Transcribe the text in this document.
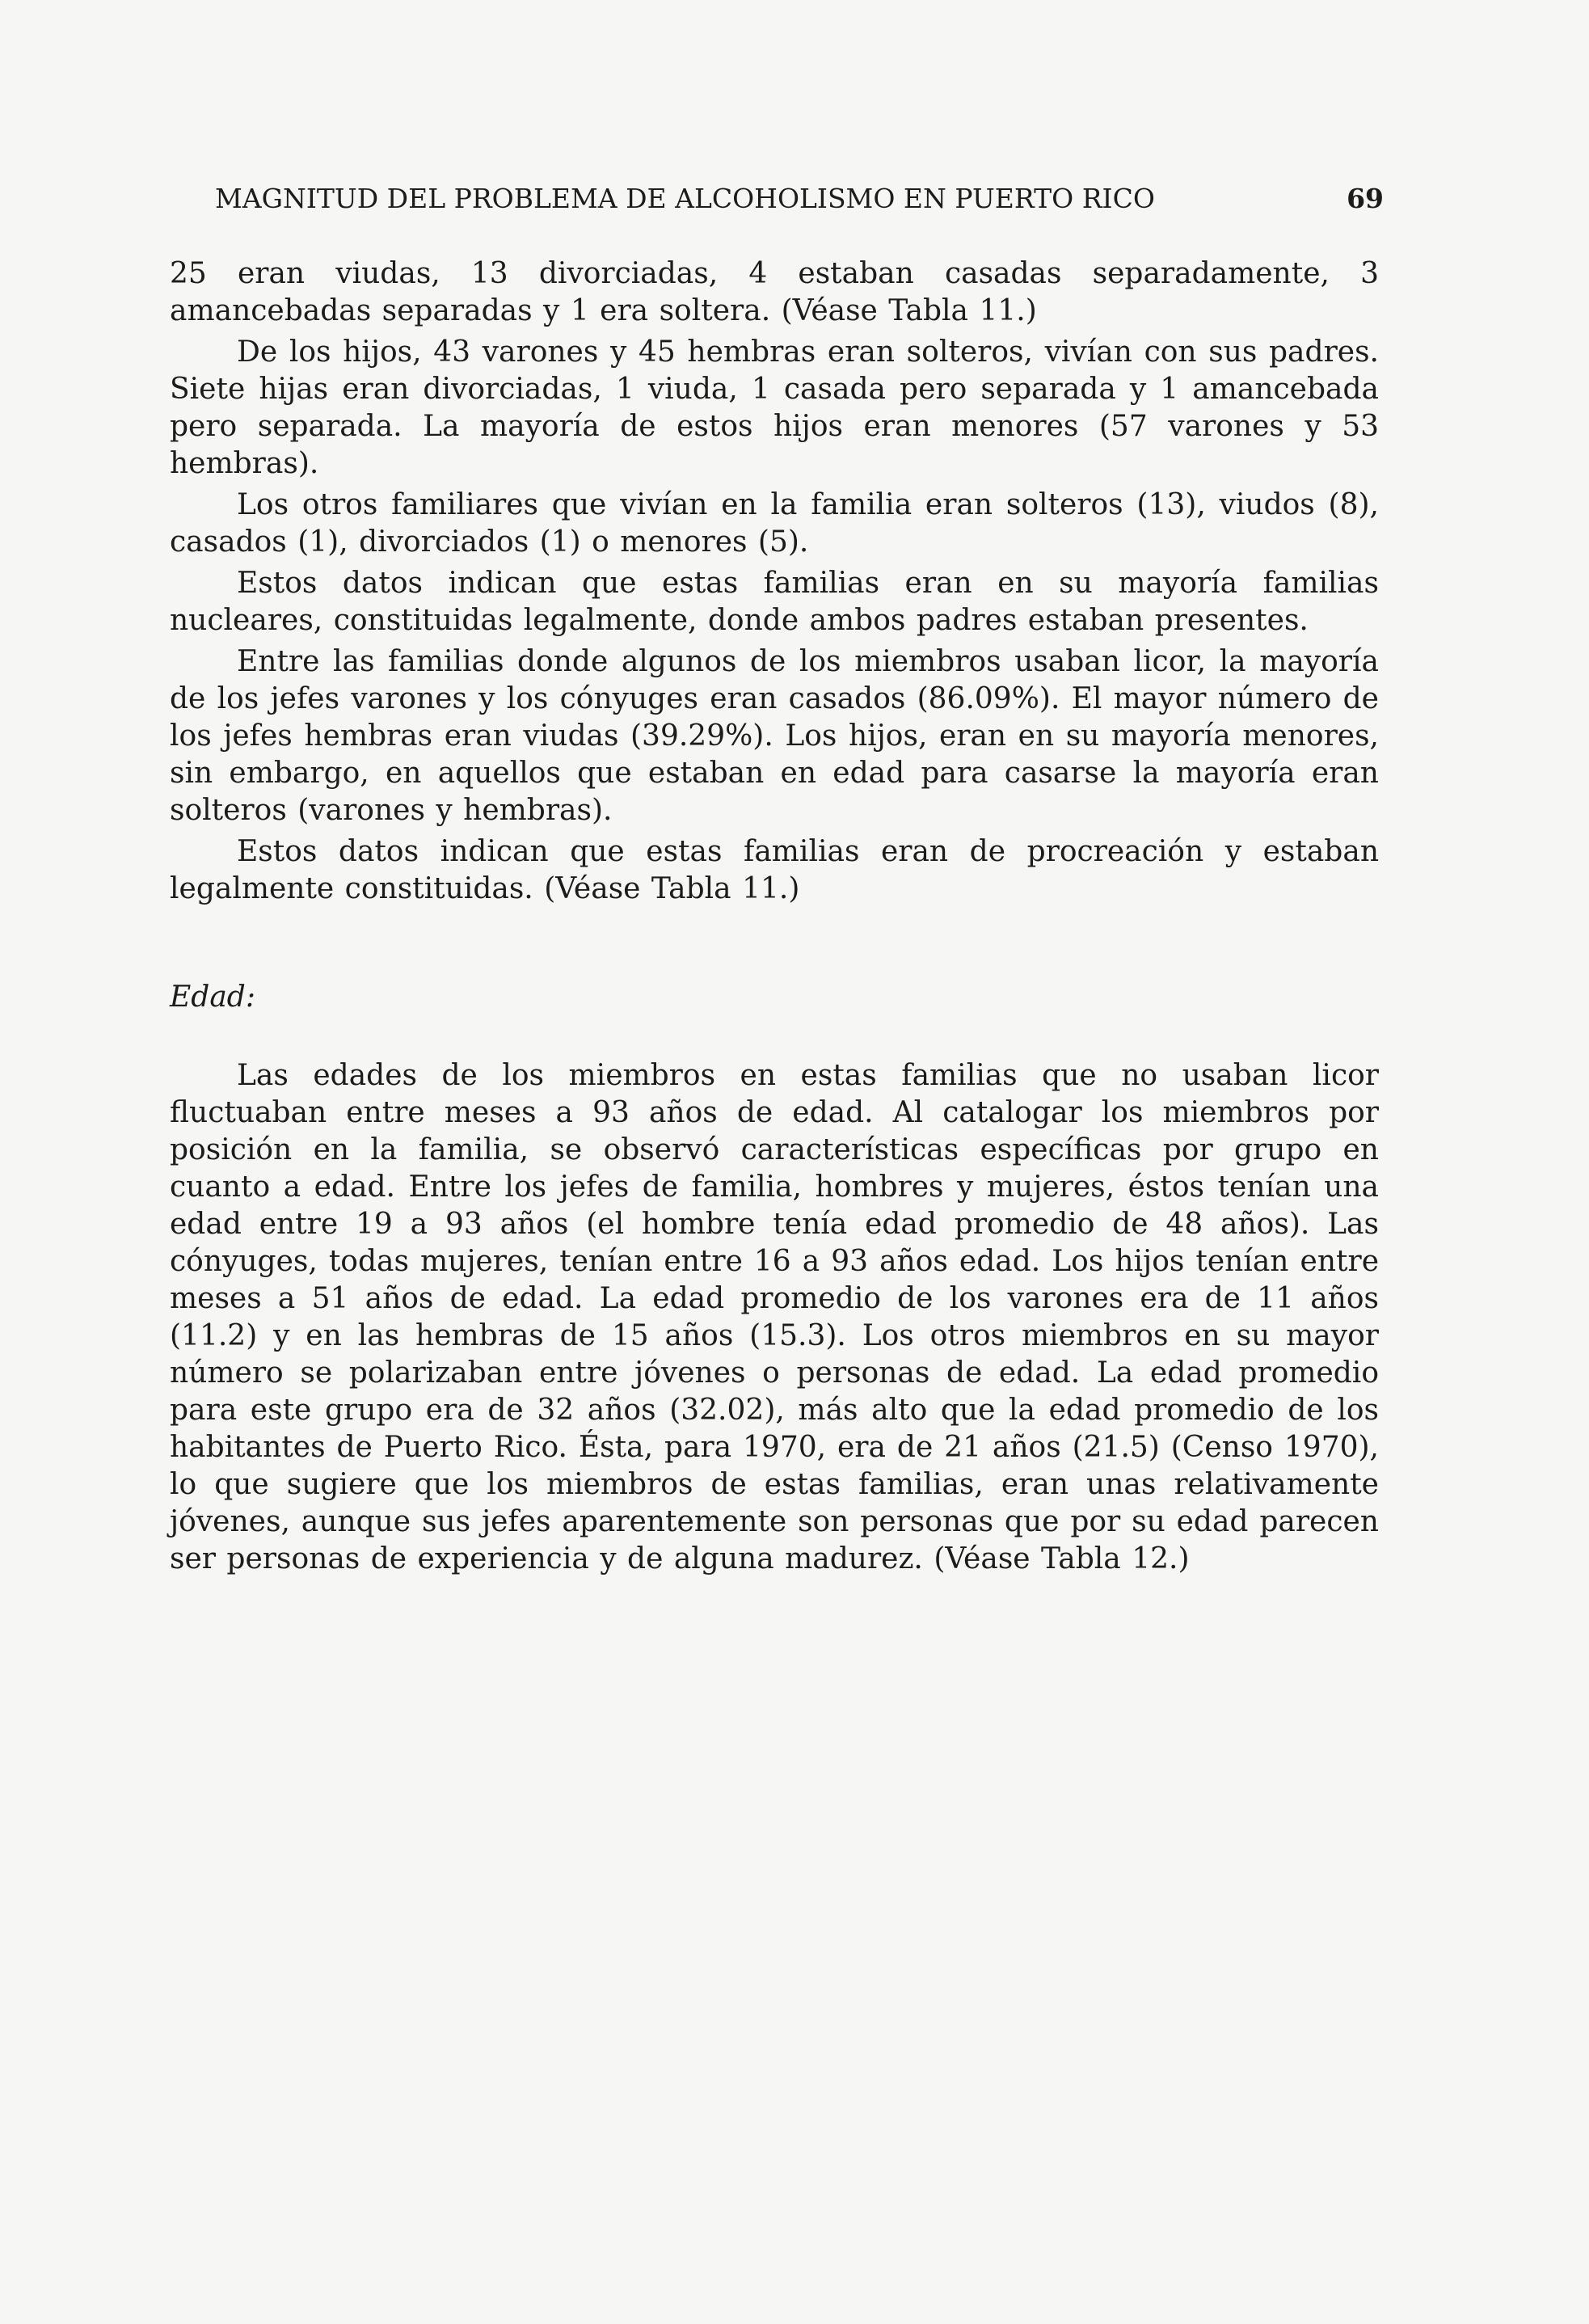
MAGNITUD DEL PROBLEMA DE ALCOHOLISMO EN PUERTO RICO	69

25 eran viudas, 13 divorciadas, 4 estaban casadas separadamente, 3 amancebadas separadas y 1 era soltera. (Véase Tabla 11.)

De los hijos, 43 varones y 45 hembras eran solteros, vivían con sus padres. Siete hijas eran divorciadas, 1 viuda, 1 casada pero separada y 1 amancebada pero separada. La mayoría de estos hijos eran menores (57 varones y 53 hembras).

Los otros familiares que vivían en la familia eran solteros (13), viudos (8), casados (1), divorciados (1) o menores (5).

Estos datos indican que estas familias eran en su mayoría familias nucleares, constituidas legalmente, donde ambos padres estaban presentes.

Entre las familias donde algunos de los miembros usaban licor, la mayoría de los jefes varones y los cónyuges eran casados (86.09%). El mayor número de los jefes hembras eran viudas (39.29%). Los hijos, eran en su mayoría menores, sin embargo, en aquellos que estaban en edad para casarse la mayoría eran solteros (varones y hembras).

Estos datos indican que estas familias eran de procreación y estaban legalmente constituidas. (Véase Tabla 11.)

Edad:

Las edades de los miembros en estas familias que no usaban licor fluctuaban entre meses a 93 años de edad. Al catalogar los miembros por posición en la familia, se observó características específicas por grupo en cuanto a edad. Entre los jefes de familia, hombres y mujeres, éstos tenían una edad entre 19 a 93 años (el hombre tenía edad promedio de 48 años). Las cónyuges, todas mujeres, tenían entre 16 a 93 años edad. Los hijos tenían entre meses a 51 años de edad. La edad promedio de los varones era de 11 años (11.2) y en las hembras de 15 años (15.3). Los otros miembros en su mayor número se polarizaban entre jóvenes o personas de edad. La edad promedio para este grupo era de 32 años (32.02), más alto que la edad promedio de los habitantes de Puerto Rico. Ésta, para 1970, era de 21 años (21.5) (Censo 1970), lo que sugiere que los miembros de estas familias, eran unas relativamente jóvenes, aunque sus jefes aparentemente son personas que por su edad parecen ser personas de experiencia y de alguna madurez. (Véase Tabla 12.)
